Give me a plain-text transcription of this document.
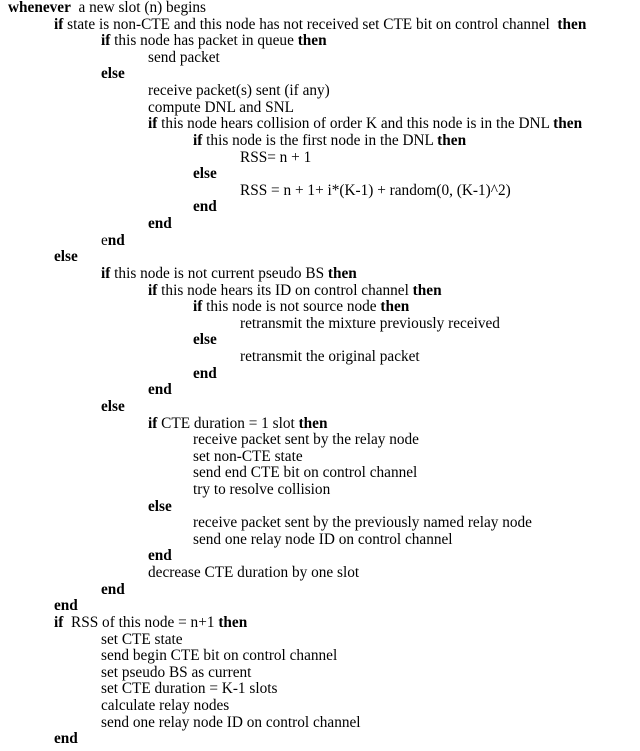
whenever  a new slot (n) begins
if state is non-CTE and this node has not received set CTE bit on control channel  then
if this node has packet in queue then
send packet
else
receive packet(s) sent (if any)
compute DNL and SNL
if this node hears collision of order K and this node is in the DNL then
if this node is the first node in the DNL then
RSS= n + 1
else
RSS = n + 1+ i*(K-1) + random(0, (K-1)^2)
end
end
end
else
if this node is not current pseudo BS then
if this node hears its ID on control channel then
if this node is not source node then
retransmit the mixture previously received
else
retransmit the original packet
end
end
else
if CTE duration = 1 slot then
receive packet sent by the relay node
set non-CTE state
send end CTE bit on control channel
try to resolve collision
else
receive packet sent by the previously named relay node
send one relay node ID on control channel
end
decrease CTE duration by one slot
end
end
if  RSS of this node = n+1 then
set CTE state
send begin CTE bit on control channel
set pseudo BS as current
set CTE duration = K-1 slots
calculate relay nodes
send one relay node ID on control channel
end
